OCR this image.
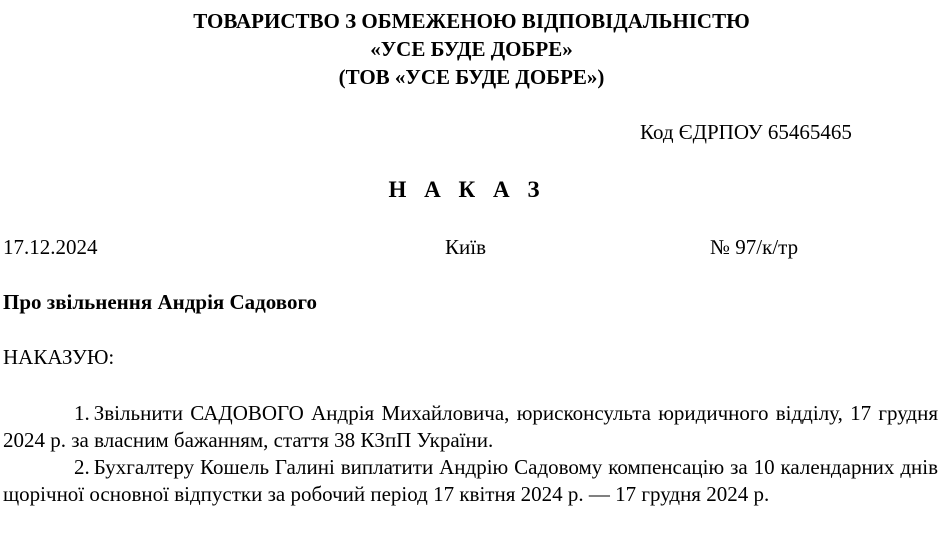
ТОВАРИСТВО З ОБМЕЖЕНОЮ ВІДПОВІДАЛЬНІСТЮ
«УСЕ БУДЕ ДОБРЕ»
(ТОВ «УСЕ БУДЕ ДОБРЕ»)
Код ЄДРПОУ 65465465
Н А К А З
17.12.2024	Київ	№ 97/к/тр
Про звільнення Андрія Садового
НАКАЗУЮ:

1. Звільнити САДОВОГО Андрія Михайловича, юрисконсульта юридичного відділу, 17 грудня 2024 р. за власним бажанням, стаття 38 КЗпП України.

2. Бухгалтеру Кошель Галині виплатити Андрію Садовому компенсацію за 10 календарних днів щорічної основної відпустки за робочий період 17 квітня 2024 р. — 17 грудня 2024 р.
